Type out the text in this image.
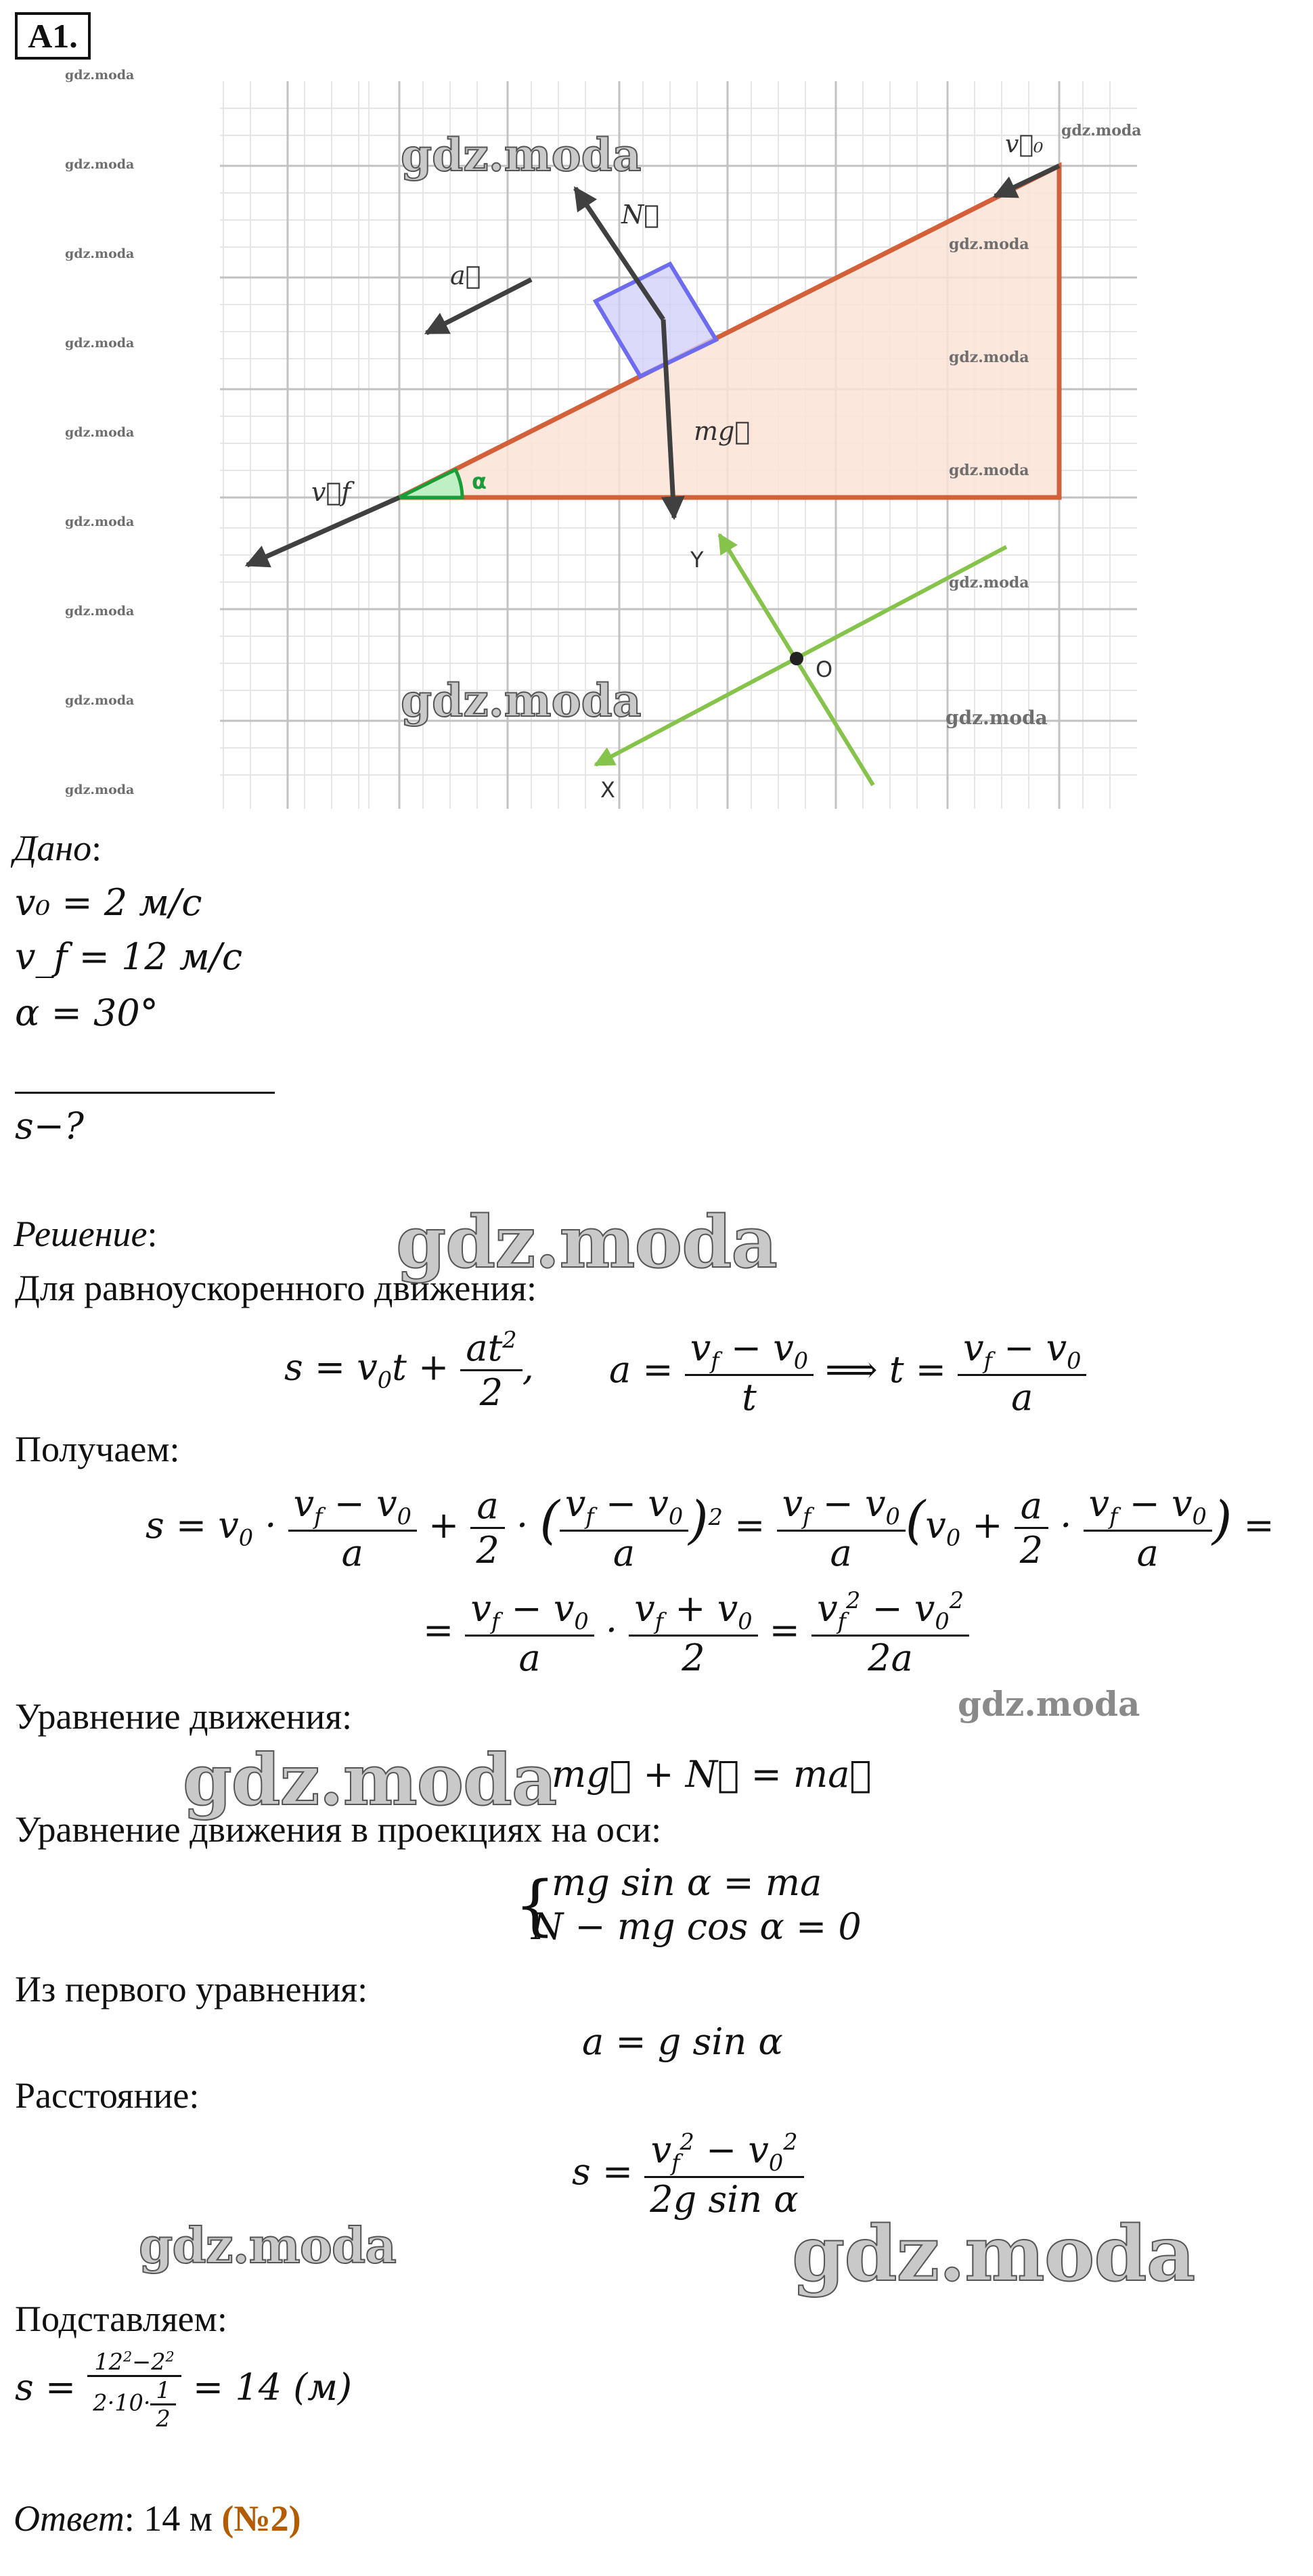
A1.
gdz.moda
gdz.moda
gdz.moda
gdz.moda
gdz.moda
gdz.moda
gdz.moda
gdz.moda
gdz.moda
α
v⃗₀
N⃗
a⃗
mg⃗
v⃗f
Y
O
X
gdz.moda
gdz.moda
gdz.moda
gdz.moda
gdz.moda
gdz.moda
gdz.moda
gdz.moda
Дано:
v₀ = 2 м/с
v_f = 12 м/с
α = 30°
s−?
Решение:	gdz.moda
Для равноускоренного движения:
$s = v_0t + \frac{at^2}{2}$ , $a = \frac{v_f - v_0}{t}$ ⟹ $t = \frac{v_f - v_0}{a}$
Получаем:
$s = v_0 \cdot \frac{v_f - v_0}{a} + \frac{a}{2}$ · ( $\frac{v_f - v_0}{a} )^2 = \frac{v_f - v_0}{a} (v_0 + \frac{a}{2} \cdot \frac{v_f - v_0}{a}$ ) =
= $\frac{v_f - v_0}{a} \cdot \frac{v_f + v_0}{2} = \frac{v_f^2 - v_0^2}{2a}$
gdz.moda
Уравнение движения:
gdz.moda
mg⃗ + N⃗ = ma⃗
Уравнение движения в проекциях на оси:
{
mg sin α = ma
N − mg cos α = 0
Из первого уравнения:
a = g sin α
Расстояние:
$s = \frac{v_f^2 - v_0^2}{\text{2g sin α}}$
gdz.moda	gdz.moda
Подставляем:
$s = \frac{12^2-2^2}{2\cdot 10\cdot \frac{1}{2}} = 14$ (м)
Ответ: 14 м (№2)
